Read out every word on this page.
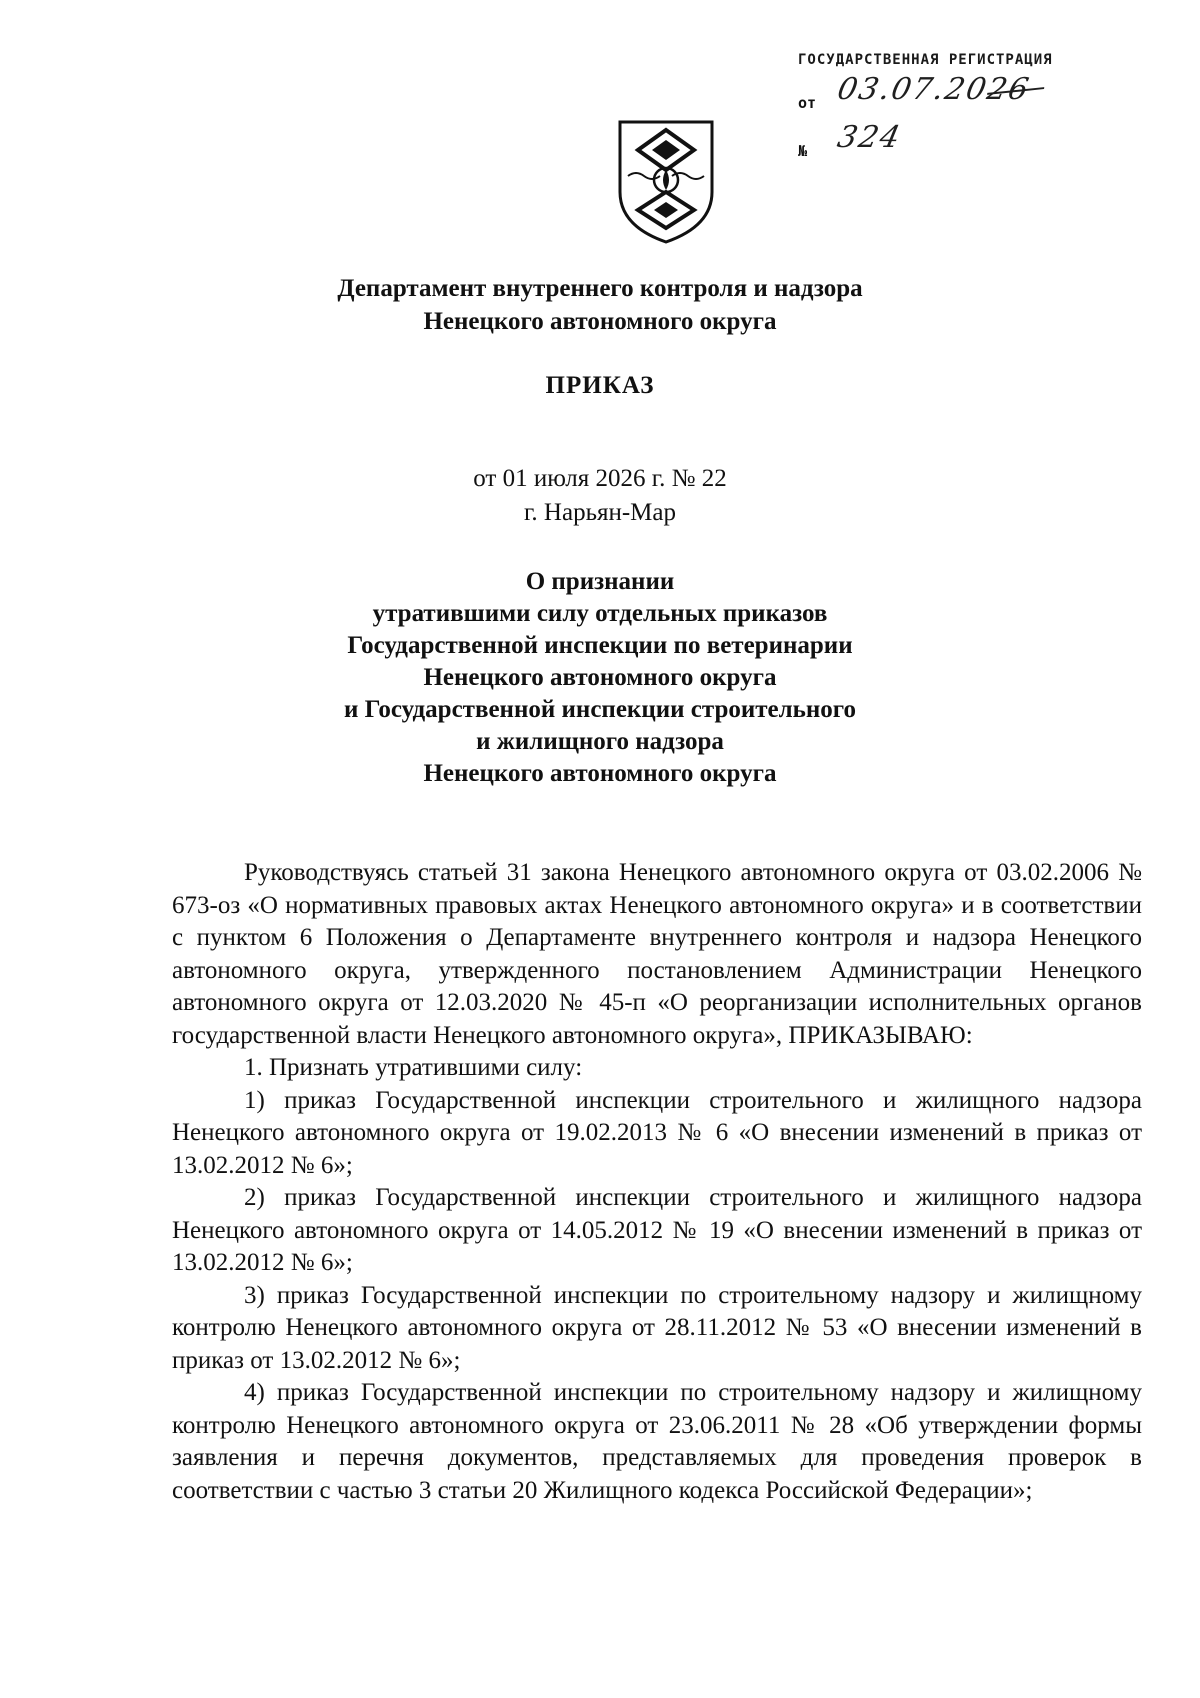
ГОСУДАРСТВЕННАЯ РЕГИСТРАЦИЯ
от 03.07.2026
№ 324
Департамент внутреннего контроля и надзора
Ненецкого автономного округа
ПРИКАЗ
от 01 июля 2026 г. № 22
г. Нарьян-Мар
О признании
утратившими силу отдельных приказов
Государственной инспекции по ветеринарии
Ненецкого автономного округа
и Государственной инспекции строительного
и жилищного надзора
Ненецкого автономного округа

Руководствуясь статьей 31 закона Ненецкого автономного округа от 03.02.2006 № 673-оз «О нормативных правовых актах Ненецкого автономного округа» и в соответствии с пунктом 6 Положения о Департаменте внутреннего контроля и надзора Ненецкого автономного округа, утвержденного постановлением Администрации Ненецкого автономного округа от 12.03.2020 № 45-п «О реорганизации исполнительных органов государственной власти Ненецкого автономного округа», ПРИКАЗЫВАЮ:

1. Признать утратившими силу:

1) приказ Государственной инспекции строительного и жилищного надзора Ненецкого автономного округа от 19.02.2013 № 6 «О внесении изменений в приказ от 13.02.2012 № 6»;

2) приказ Государственной инспекции строительного и жилищного надзора Ненецкого автономного округа от 14.05.2012 № 19 «О внесении изменений в приказ от 13.02.2012 № 6»;

3) приказ Государственной инспекции по строительному надзору и жилищному контролю Ненецкого автономного округа от 28.11.2012 № 53 «О внесении изменений в приказ от 13.02.2012 № 6»;

4) приказ Государственной инспекции по строительному надзору и жилищному контролю Ненецкого автономного округа от 23.06.2011 № 28 «Об утверждении формы заявления и перечня документов, представляемых для проведения проверок в соответствии с частью 3 статьи 20 Жилищного кодекса Российской Федерации»;
